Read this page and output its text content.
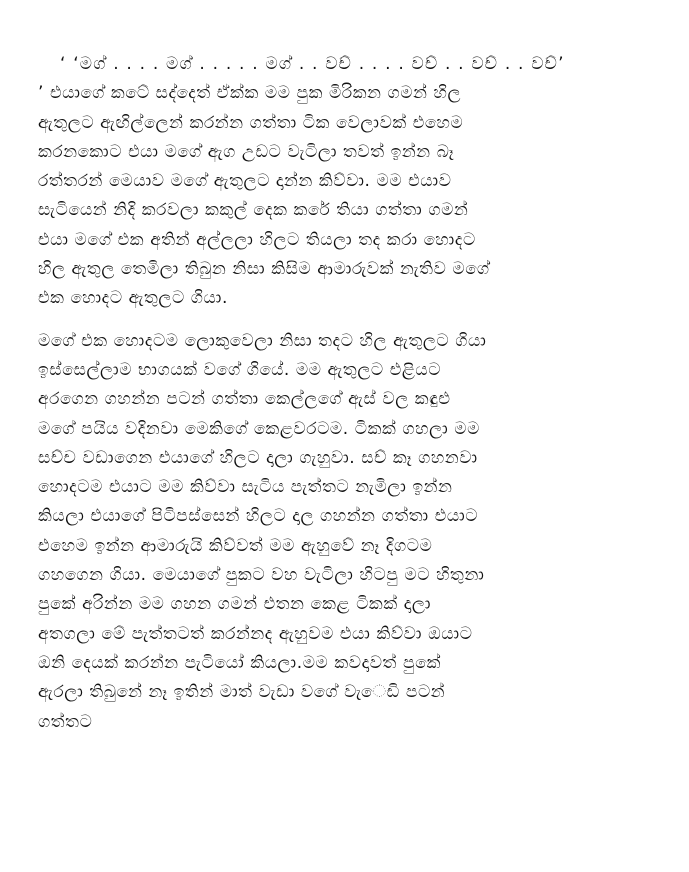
‘ ‘මග් . . . . මග් . . . . . මග් . . වච් . . . . වච් . . වච් . . වච්’
’ එයාගේ කටේ සද්දෙත් ඒක්ක මම පුක මිරිකන ගමන් හිල
ඇතුලට ඇඟිල්ලෙන් කරන්න ගත්තා ටික වෙලාවක් එහෙම
කරනකොට එයා මගේ ඇග උඩට වැටිලා තවත් ඉන්න බෑ
රත්තරන් මෙයාව මගේ ඇතුලට දාන්න කිව්වා. මම එයාව
සැටියෙන් නිදි කරවලා කකුල් දෙක කරේ තියා ගත්තා ගමන්
එයා මගේ එක අතින් අල්ලලා හිලට තියලා තද කරා හොදට
හිල ඇතුල තෙමිලා තිබුන නිසා කිසිම ආමාරුවක් නැතිව මගේ
එක හොදට ඇතුලට ගියා.
මගේ එක හොදටම ලොකුවෙලා නිසා තදට හිල ඇතුලට ගියා
ඉස්සෙල්ලාම භාගයක් වගේ ගියේ. මම ඇතුලට එළියට
අරගෙන ගහන්න පටන් ගත්තා කෙල්ලගේ ඇස් වල කඳුළු
මගේ පයිය වදිනවා මෙකිගේ කෙළවරටම. ටිකක් ගහලා මම
සච්ච වඩාගෙන එයාගේ හිලට දාලා ගැහුවා. සච් කෑ ගහනවා
හොදටම එයාට මම කිව්වා සැටිය පැත්තට නැමිලා ඉන්න
කියලා එයාගේ පිටිපස්සෙන් හිලට දාල ගහන්න ගත්තා එයාට
එහෙම ඉන්න ආමාරුයි කිව්වත් මම ඇහුවේ නෑ දිගටම
ගහගෙන ගියා. මෙයාගේ පුකට වහ වැටිලා හිටපු මට හිතුනා
පුකේ අරින්න මම ගහන ගමන් එතන කෙළ ටිකක් දාලා
අතගලා මේ පැත්තටත් කරන්නද ඇහුවම එයා කිව්වා ඔයාට
ඔනි දෙයක් කරන්න පැටියෝ කියලා.මම කවදාවත් පුකේ
ඇරලා තිබුනේ නෑ ඉතින් මාත් වැඩා වගේ වැෙඩි පටන්
ගත්තට
